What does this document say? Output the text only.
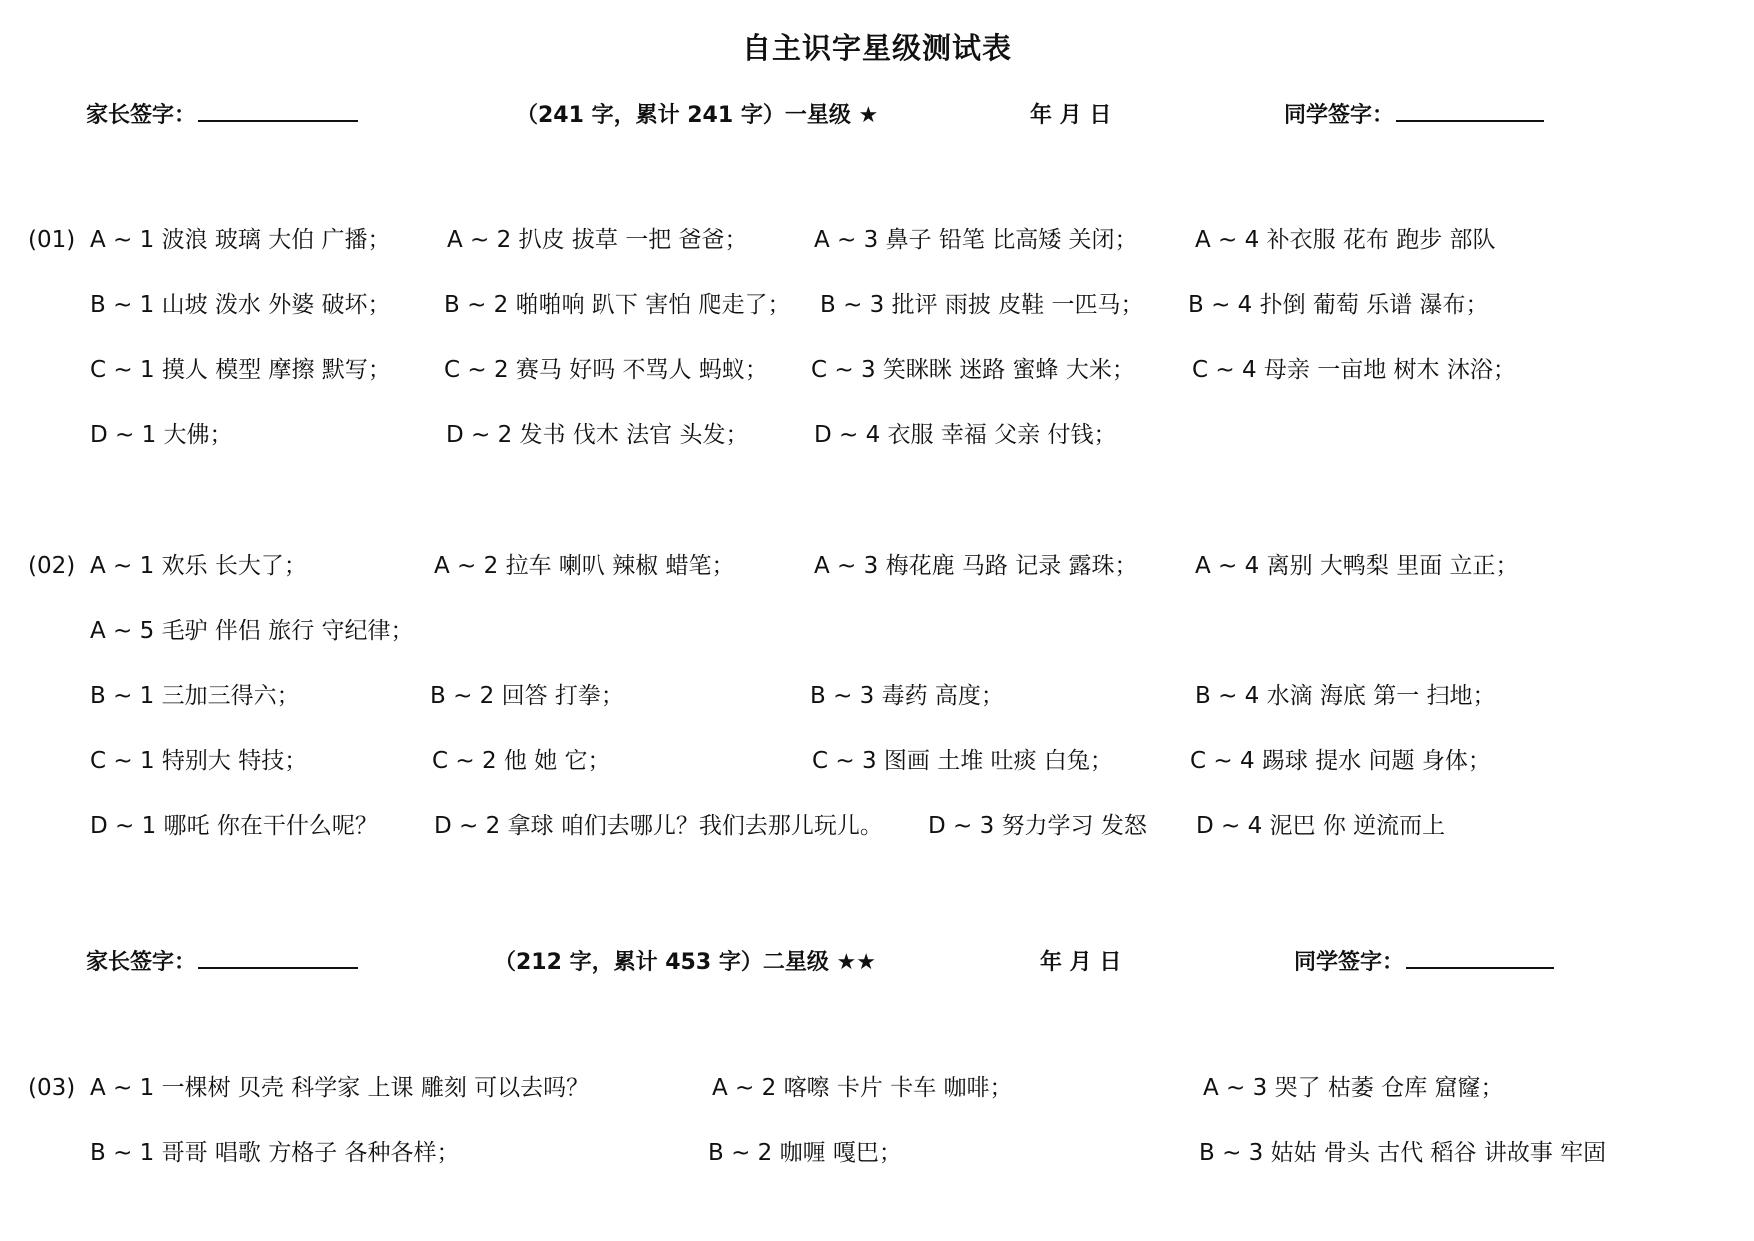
自主识字星级测试表
家长签字：	（241 字，累计 241 字）一星级 ★	年 月 日	同学签字：
(01) A ~ 1 波浪 玻璃 大伯 广播； A ~ 2 扒皮 拔草 一把 爸爸；	A ~ 3 鼻子 铅笔 比高矮 关闭； A ~ 4 补衣服 花布 跑步 部队
B ~ 1 山坡 泼水 外婆 破坏； B ~ 2 啪啪响 趴下 害怕 爬走了； B ~ 3 批评 雨披 皮鞋 一匹马； B ~ 4 扑倒 葡萄 乐谱 瀑布；
C ~ 1 摸人 模型 摩擦 默写； C ~ 2 赛马 好吗 不骂人 蚂蚁； C ~ 3 笑眯眯 迷路 蜜蜂 大米； C ~ 4 母亲 一亩地 树木 沐浴；
D ~ 1 大佛；	D ~ 2 发书 伐木 法官 头发；	D ~ 4 衣服 幸福 父亲 付钱；
(02) A ~ 1 欢乐 长大了；	A ~ 2 拉车 喇叭 辣椒 蜡笔；	A ~ 3 梅花鹿 马路 记录 露珠； A ~ 4 离别 大鸭梨 里面 立正；
A ~ 5 毛驴 伴侣 旅行 守纪律；
B ~ 1 三加三得六；	B ~ 2 回答 打拳；	B ~ 3 毒药 高度；	B ~ 4 水滴 海底 第一 扫地；
C ~ 1 特别大 特技；	C ~ 2 他 她 它；	C ~ 3 图画 土堆 吐痰 白兔；	C ~ 4 踢球 提水 问题 身体；
D ~ 1 哪吒 你在干什么呢？ D ~ 2 拿球 咱们去哪儿？我们去那儿玩儿。 D ~ 3 努力学习 发怒 D ~ 4 泥巴 你 逆流而上
家长签字：	（212 字，累计 453 字）二星级 ★★	年 月 日	同学签字：
(03) A ~ 1 一棵树 贝壳 科学家 上课 雕刻 可以去吗？	A ~ 2 喀嚓 卡片 卡车 咖啡；	A ~ 3 哭了 枯萎 仓库 窟窿；
B ~ 1 哥哥 唱歌 方格子 各种各样；	B ~ 2 咖喱 嘎巴；	B ~ 3 姑姑 骨头 古代 稻谷 讲故事 牢固
